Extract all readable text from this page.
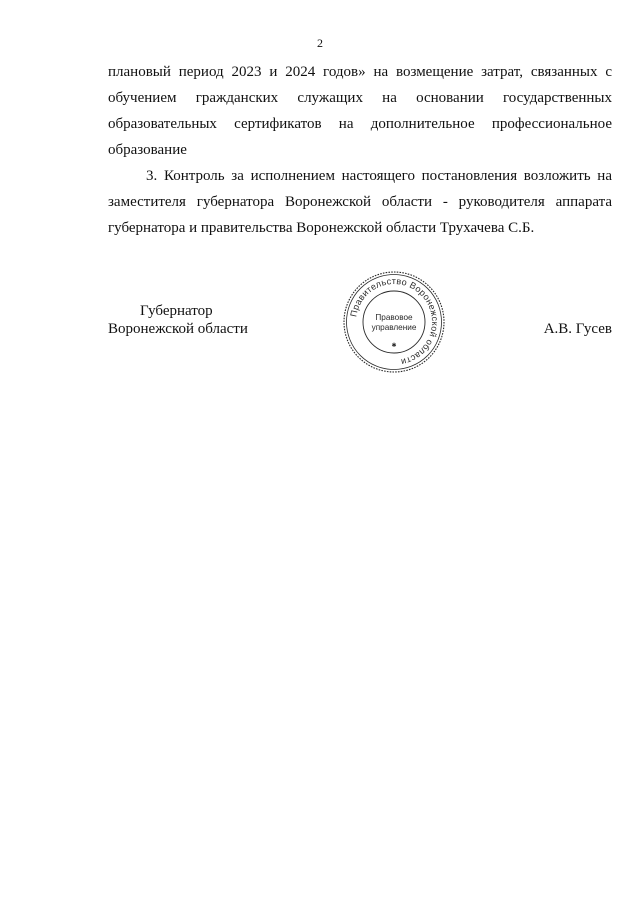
2
плановый период 2023 и 2024 годов» на возмещение затрат, связанных с
обучением гражданских служащих на основании государственных
образовательных сертификатов на дополнительное профессиональное
образование
3. Контроль за исполнением настоящего постановления возложить на
заместителя губернатора Воронежской области - руководителя аппарата
губернатора и правительства Воронежской области Трухачева С.Б.
Губернатор
Воронежской области
Правительство Воронежской области
Правовое
управление
✱
А.В. Гусев
